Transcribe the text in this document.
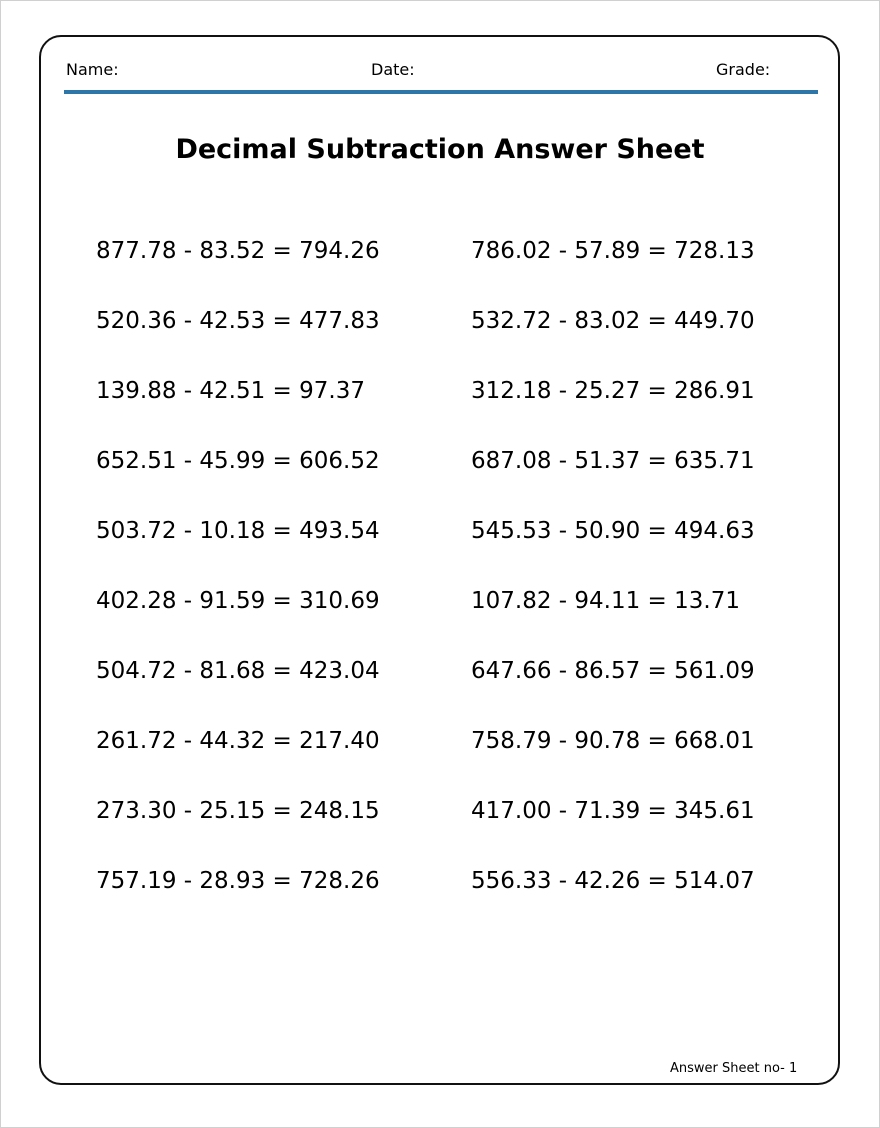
Name:	Date:	Grade:
Decimal Subtraction Answer Sheet
877.78 - 83.52 = 794.26
520.36 - 42.53 = 477.83
139.88 - 42.51 = 97.37
652.51 - 45.99 = 606.52
503.72 - 10.18 = 493.54
402.28 - 91.59 = 310.69
504.72 - 81.68 = 423.04
261.72 - 44.32 = 217.40
273.30 - 25.15 = 248.15
757.19 - 28.93 = 728.26
786.02 - 57.89 = 728.13
532.72 - 83.02 = 449.70
312.18 - 25.27 = 286.91
687.08 - 51.37 = 635.71
545.53 - 50.90 = 494.63
107.82 - 94.11 = 13.71
647.66 - 86.57 = 561.09
758.79 - 90.78 = 668.01
417.00 - 71.39 = 345.61
556.33 - 42.26 = 514.07
Answer Sheet no- 1
